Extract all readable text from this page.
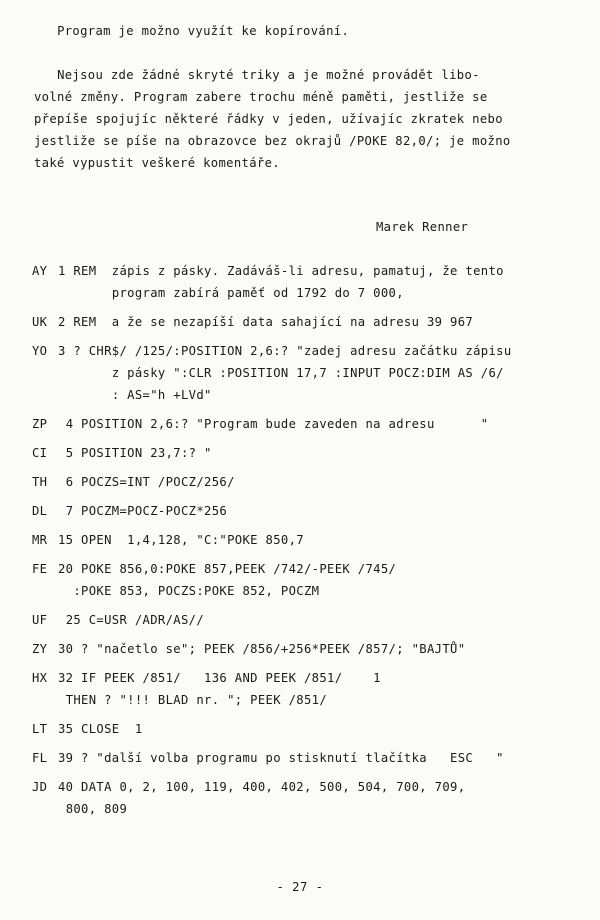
Program je možno využít ke kopírování.

Nejsou zde žádné skryté triky a je možné provádět libo-
volné změny. Program zabere trochu méně paměti, jestliže se
přepíše spojujíc některé řádky v jeden, užívajíc zkratek nebo
jestliže se píše na obrazovce bez okrajů /POKE 82,0/; je možno
také vypustit veškeré komentáře.

Marek Renner
AY 1 REM  zápis z pásky. Zadáváš-li adresu, pamatuj, že tento
program zabírá paměť od 1792 do 7 000,
UK 2 REM  a že se nezapíší data sahající na adresu 39 967
YO 3 ? CHR$/ /125/:POSITION 2,6:? "zadej adresu začátku zápisu
z pásky ":CLR :POSITION 17,7 :INPUT POCZ:DIM AS /6/
: AS="h +LVd"
ZP 4 POSITION 2,6:? "Program bude zaveden na adresu      "
CI 5 POSITION 23,7:? "
TH 6 POCZS=INT /POCZ/256/
DL 7 POCZM=POCZ-POCZ*256
MR 15 OPEN  1,4,128, "C:"POKE 850,7
FE 20 POKE 856,0:POKE 857,PEEK /742/-PEEK /745/
:POKE 853, POCZS:POKE 852, POCZM
UF 25 C=USR /ADR/AS//
ZY 30 ? "načetlo se"; PEEK /856/+256*PEEK /857/; "BAJTŮ"
HX 32 IF PEEK /851/   136 AND PEEK /851/    1
THEN ? "!!! BLAD nr. "; PEEK /851/
LT 35 CLOSE  1
FL 39 ? "další volba programu po stisknutí tlačítka   ESC   "
JD 40 DATA 0, 2, 100, 119, 400, 402, 500, 504, 700, 709,
800, 809
- 27 -
